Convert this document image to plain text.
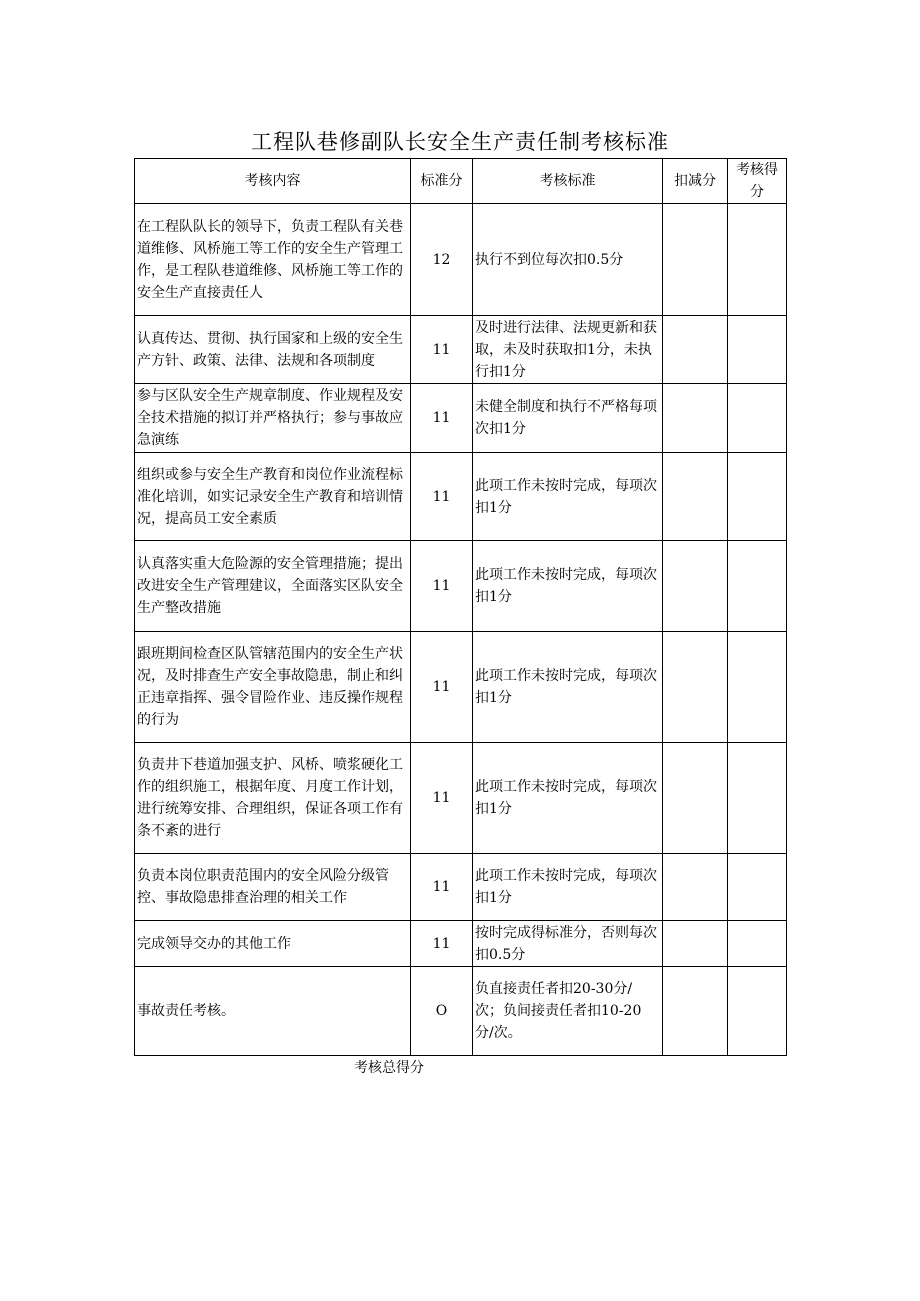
工程队巷修副队长安全生产责任制考核标准
考核内容	标准分	考核标准	扣减分	考核得分
在工程队队长的领导下，负责工程队有关巷道维修、风桥施工等工作的安全生产管理工作，是工程队巷道维修、风桥施工等工作的安全生产直接责任人	12	执行不到位每次扣0.5分		
认真传达、贯彻、执行国家和上级的安全生产方针、政策、法律、法规和各项制度	11	及时进行法律、法规更新和获取，未及时获取扣1分，未执行扣1分		
参与区队安全生产规章制度、作业规程及安全技术措施的拟订并严格执行；参与事故应急演练	11	未健全制度和执行不严格每项次扣1分		
组织或参与安全生产教育和岗位作业流程标准化培训，如实记录安全生产教育和培训情况，提高员工安全素质	11	此项工作未按时完成，每项次扣1分		
认真落实重大危险源的安全管理措施；提出改进安全生产管理建议，全面落实区队安全生产整改措施	11	此项工作未按时完成，每项次扣1分		
跟班期间检查区队管辖范围内的安全生产状况，及时排查生产安全事故隐患，制止和纠正违章指挥、强令冒险作业、违反操作规程的行为	11	此项工作未按时完成，每项次扣1分		
负责井下巷道加强支护、风桥、喷浆硬化工作的组织施工，根据年度、月度工作计划，进行统筹安排、合理组织，保证各项工作有条不紊的进行	11	此项工作未按时完成，每项次扣1分		
负责本岗位职责范围内的安全风险分级管控、事故隐患排查治理的相关工作	11	此项工作未按时完成，每项次扣1分		
完成领导交办的其他工作	11	按时完成得标准分，否则每次扣0.5分		
事故责任考核。	O	负直接责任者扣20-30分/次；负间接责任者扣10-20分/次。		
考核总得分
